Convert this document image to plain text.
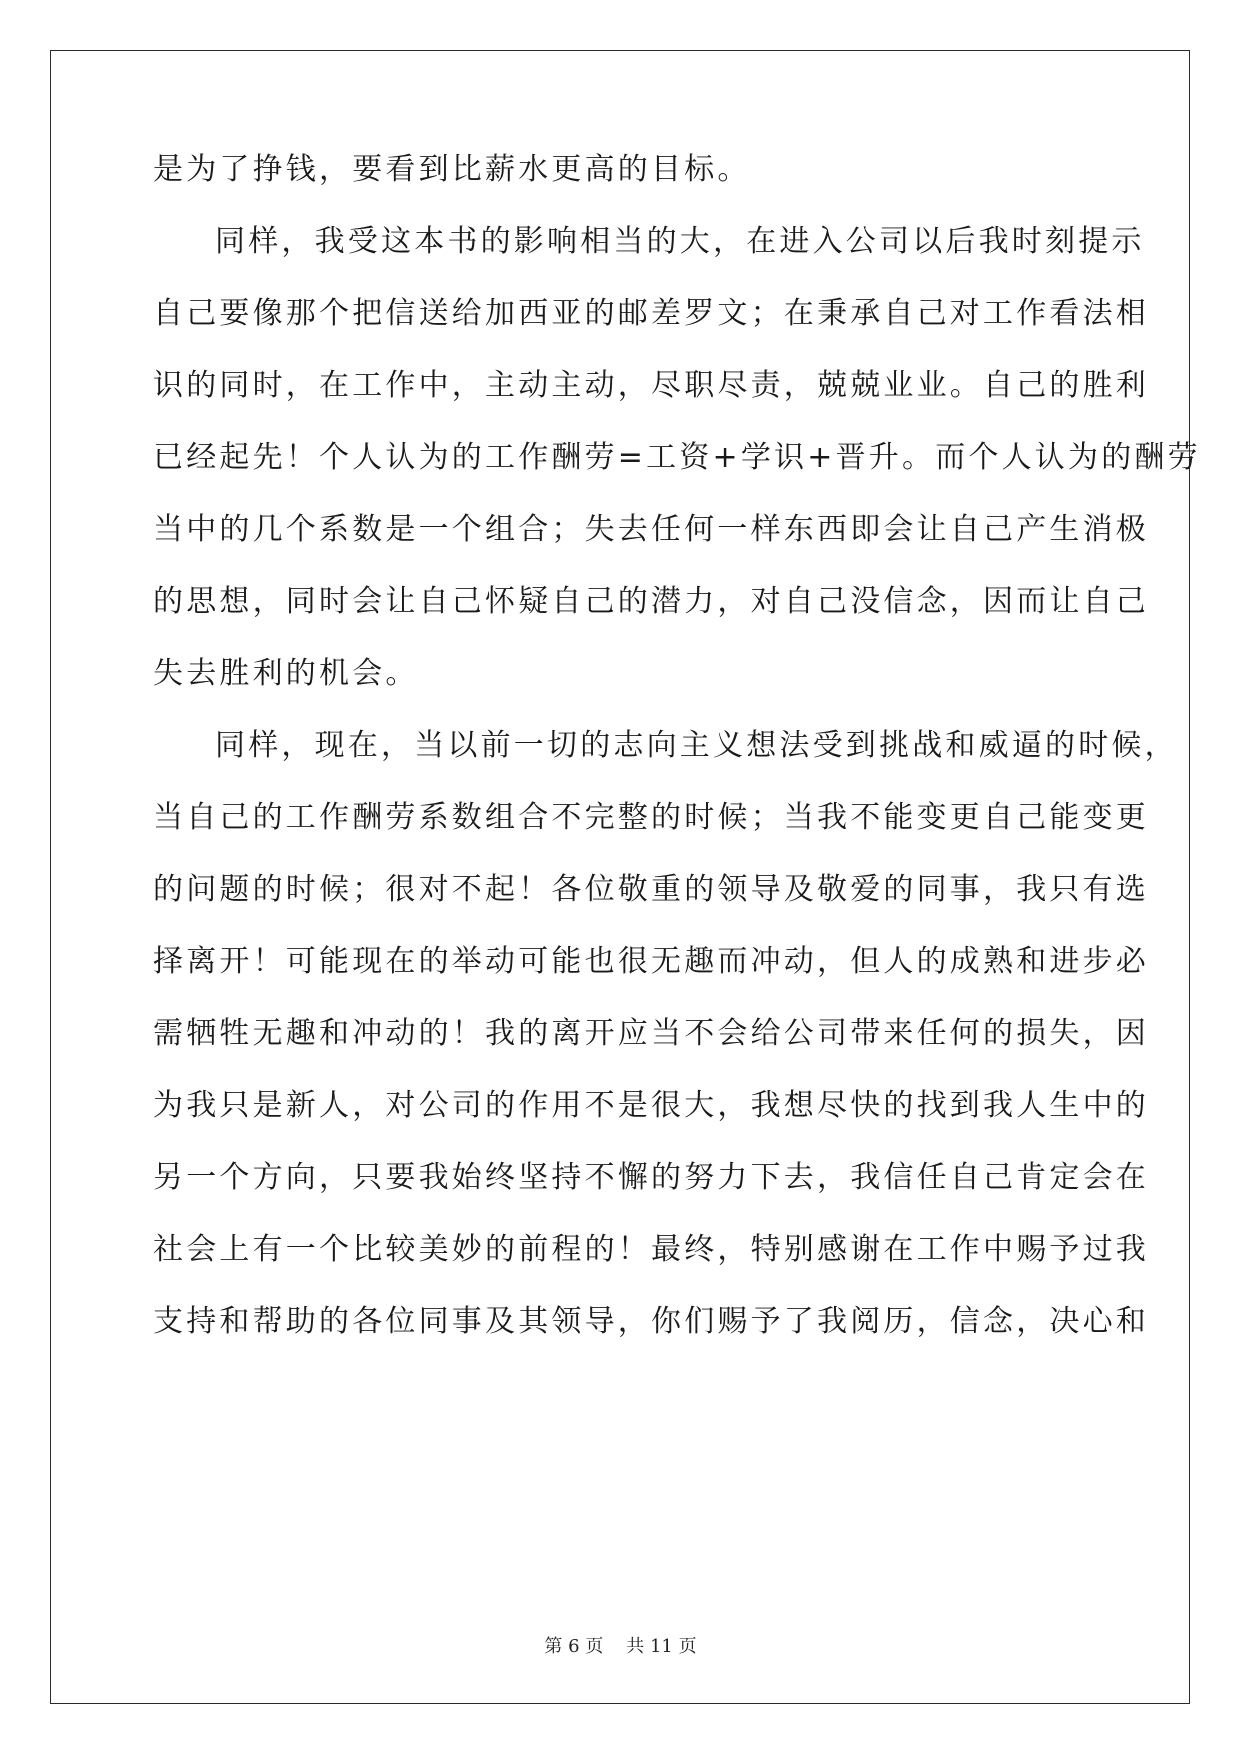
是为了挣钱，要看到比薪水更高的目标。
同样，我受这本书的影响相当的大，在进入公司以后我时刻提示
自己要像那个把信送给加西亚的邮差罗文；在秉承自己对工作看法相
识的同时，在工作中，主动主动，尽职尽责，兢兢业业。自己的胜利
已经起先！个人认为的工作酬劳=工资+学识+晋升。而个人认为的酬劳
当中的几个系数是一个组合；失去任何一样东西即会让自己产生消极
的思想，同时会让自己怀疑自己的潜力，对自己没信念，因而让自己
失去胜利的机会。
同样，现在，当以前一切的志向主义想法受到挑战和威逼的时候，
当自己的工作酬劳系数组合不完整的时候；当我不能变更自己能变更
的问题的时候；很对不起！各位敬重的领导及敬爱的同事，我只有选
择离开！可能现在的举动可能也很无趣而冲动，但人的成熟和进步必
需牺牲无趣和冲动的！我的离开应当不会给公司带来任何的损失，因
为我只是新人，对公司的作用不是很大，我想尽快的找到我人生中的
另一个方向，只要我始终坚持不懈的努力下去，我信任自己肯定会在
社会上有一个比较美妙的前程的！最终，特别感谢在工作中赐予过我
支持和帮助的各位同事及其领导，你们赐予了我阅历，信念，决心和
第 6 页 共 11 页
